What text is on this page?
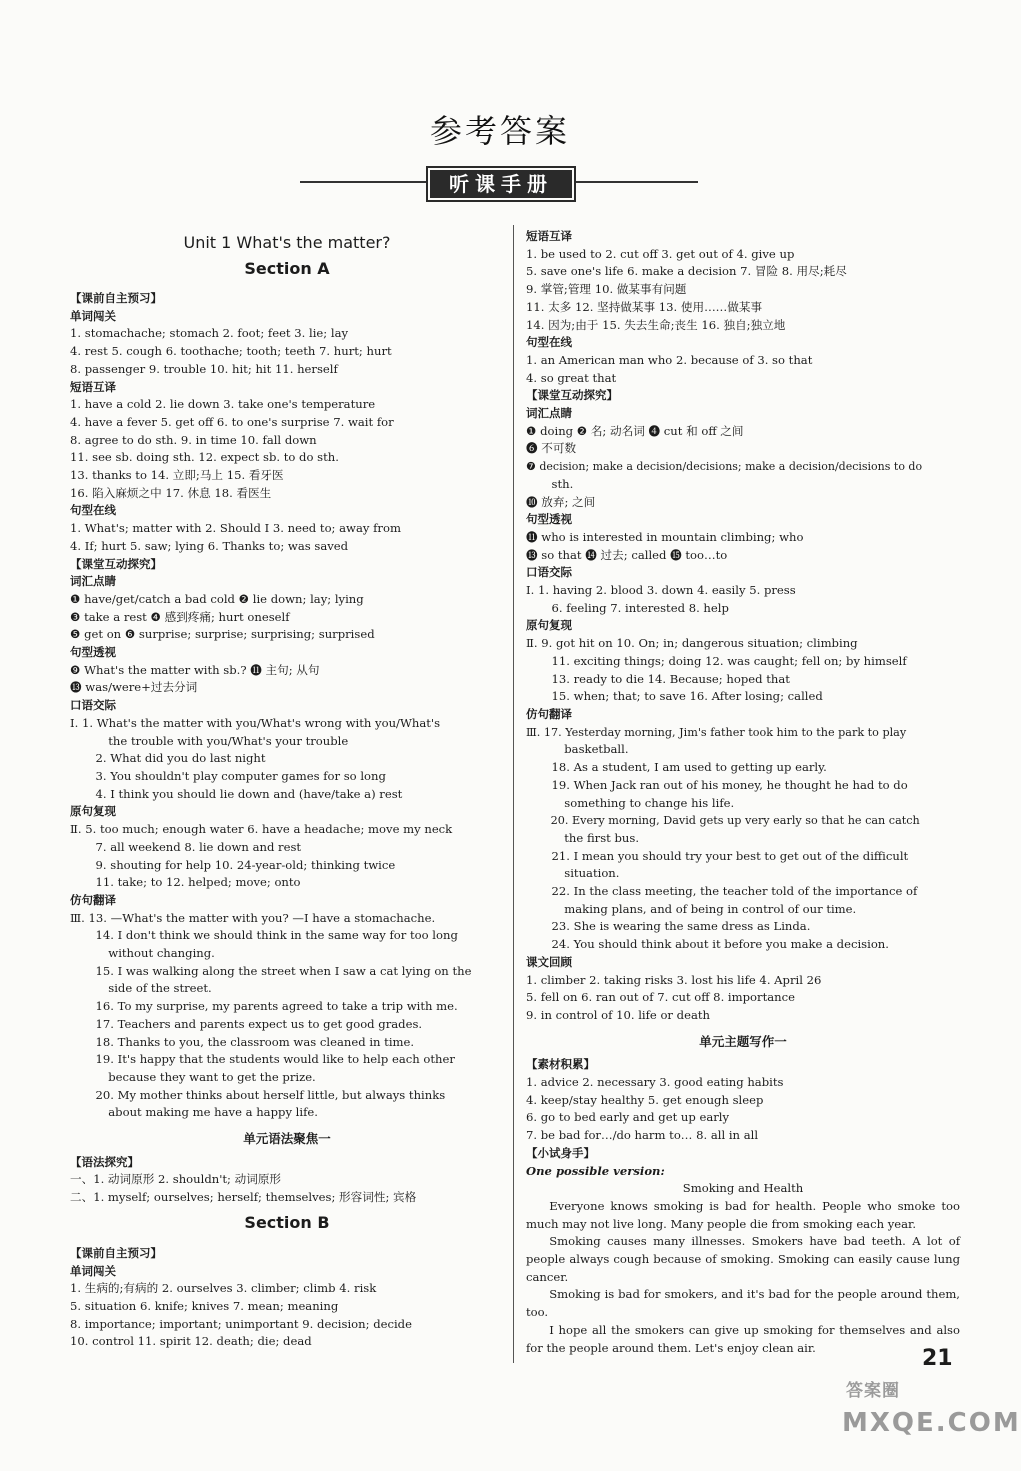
参考答案
听课手册
Unit 1 What's the matter?
Section A
【课前自主预习】
单词闯关
1. stomachache; stomach 2. foot; feet 3. lie; lay
4. rest 5. cough 6. toothache; tooth; teeth 7. hurt; hurt
8. passenger 9. trouble 10. hit; hit 11. herself
短语互译
1. have a cold 2. lie down 3. take one's temperature
4. have a fever 5. get off 6. to one's surprise 7. wait for
8. agree to do sth. 9. in time 10. fall down
11. see sb. doing sth. 12. expect sb. to do sth.
13. thanks to 14. 立即;马上 15. 看牙医
16. 陷入麻烦之中 17. 休息 18. 看医生
句型在线
1. What's; matter with 2. Should I 3. need to; away from
4. If; hurt 5. saw; lying 6. Thanks to; was saved
【课堂互动探究】
词汇点睛
❶ have/get/catch a bad cold ❷ lie down; lay; lying
❸ take a rest ❹ 感到疼痛; hurt oneself
❺ get on ❻ surprise; surprise; surprising; surprised
句型透视
❾ What's the matter with sb.? ⓫ 主句; 从句
⓭ was/were+过去分词
口语交际
Ⅰ. 1. What's the matter with you/What's wrong with you/What's
the trouble with you/What's your trouble
2. What did you do last night
3. You shouldn't play computer games for so long
4. I think you should lie down and (have/take a) rest
原句复现
Ⅱ. 5. too much; enough water 6. have a headache; move my neck
7. all weekend 8. lie down and rest
9. shouting for help 10. 24-year-old; thinking twice
11. take; to 12. helped; move; onto
仿句翻译
Ⅲ. 13. —What's the matter with you? —I have a stomachache.
14. I don't think we should think in the same way for too long
without changing.
15. I was walking along the street when I saw a cat lying on the
side of the street.
16. To my surprise, my parents agreed to take a trip with me.
17. Teachers and parents expect us to get good grades.
18. Thanks to you, the classroom was cleaned in time.
19. It's happy that the students would like to help each other
because they want to get the prize.
20. My mother thinks about herself little, but always thinks
about making me have a happy life.
单元语法聚焦一
【语法探究】
一、1. 动词原形 2. shouldn't; 动词原形
二、1. myself; ourselves; herself; themselves; 形容词性; 宾格
Section B
【课前自主预习】
单词闯关
1. 生病的;有病的 2. ourselves 3. climber; climb 4. risk
5. situation 6. knife; knives 7. mean; meaning
8. importance; important; unimportant 9. decision; decide
10. control 11. spirit 12. death; die; dead
短语互译
1. be used to 2. cut off 3. get out of 4. give up
5. save one's life 6. make a decision 7. 冒险 8. 用尽;耗尽
9. 掌管;管理 10. 做某事有问题
11. 太多 12. 坚持做某事 13. 使用……做某事
14. 因为;由于 15. 失去生命;丧生 16. 独自;独立地
句型在线
1. an American man who 2. because of 3. so that
4. so great that
【课堂互动探究】
词汇点睛
❶ doing ❷ 名; 动名词 ❹ cut 和 off 之间
❻ 不可数
❼ decision; make a decision/decisions; make a decision/decisions to do
sth.
❿ 放弃; 之间
句型透视
⓫ who is interested in mountain climbing; who
⓭ so that ⓮ 过去; called ⓯ too…to
口语交际
Ⅰ. 1. having 2. blood 3. down 4. easily 5. press
6. feeling 7. interested 8. help
原句复现
Ⅱ. 9. got hit on 10. On; in; dangerous situation; climbing
11. exciting things; doing 12. was caught; fell on; by himself
13. ready to die 14. Because; hoped that
15. when; that; to save 16. After losing; called
仿句翻译
Ⅲ. 17. Yesterday morning, Jim's father took him to the park to play
basketball.
18. As a student, I am used to getting up early.
19. When Jack ran out of his money, he thought he had to do
something to change his life.
20. Every morning, David gets up very early so that he can catch
the first bus.
21. I mean you should try your best to get out of the difficult
situation.
22. In the class meeting, the teacher told of the importance of
making plans, and of being in control of our time.
23. She is wearing the same dress as Linda.
24. You should think about it before you make a decision.
课文回顾
1. climber 2. taking risks 3. lost his life 4. April 26
5. fell on 6. ran out of 7. cut off 8. importance
9. in control of 10. life or death
单元主题写作一
【素材积累】
1. advice 2. necessary 3. good eating habits
4. keep/stay healthy 5. get enough sleep
6. go to bed early and get up early
7. be bad for…/do harm to… 8. all in all
【小试身手】
One possible version:
Smoking and Health
Everyone knows smoking is bad for health. People who smoke too much may not live long. Many people die from smoking each year.
Smoking causes many illnesses. Smokers have bad teeth. A lot of people always cough because of smoking. Smoking can easily cause lung cancer.
Smoking is bad for smokers, and it's bad for the people around them, too.
I hope all the smokers can give up smoking for themselves and also for the people around them. Let's enjoy clean air.	21
答案圈
MXQE.COM
